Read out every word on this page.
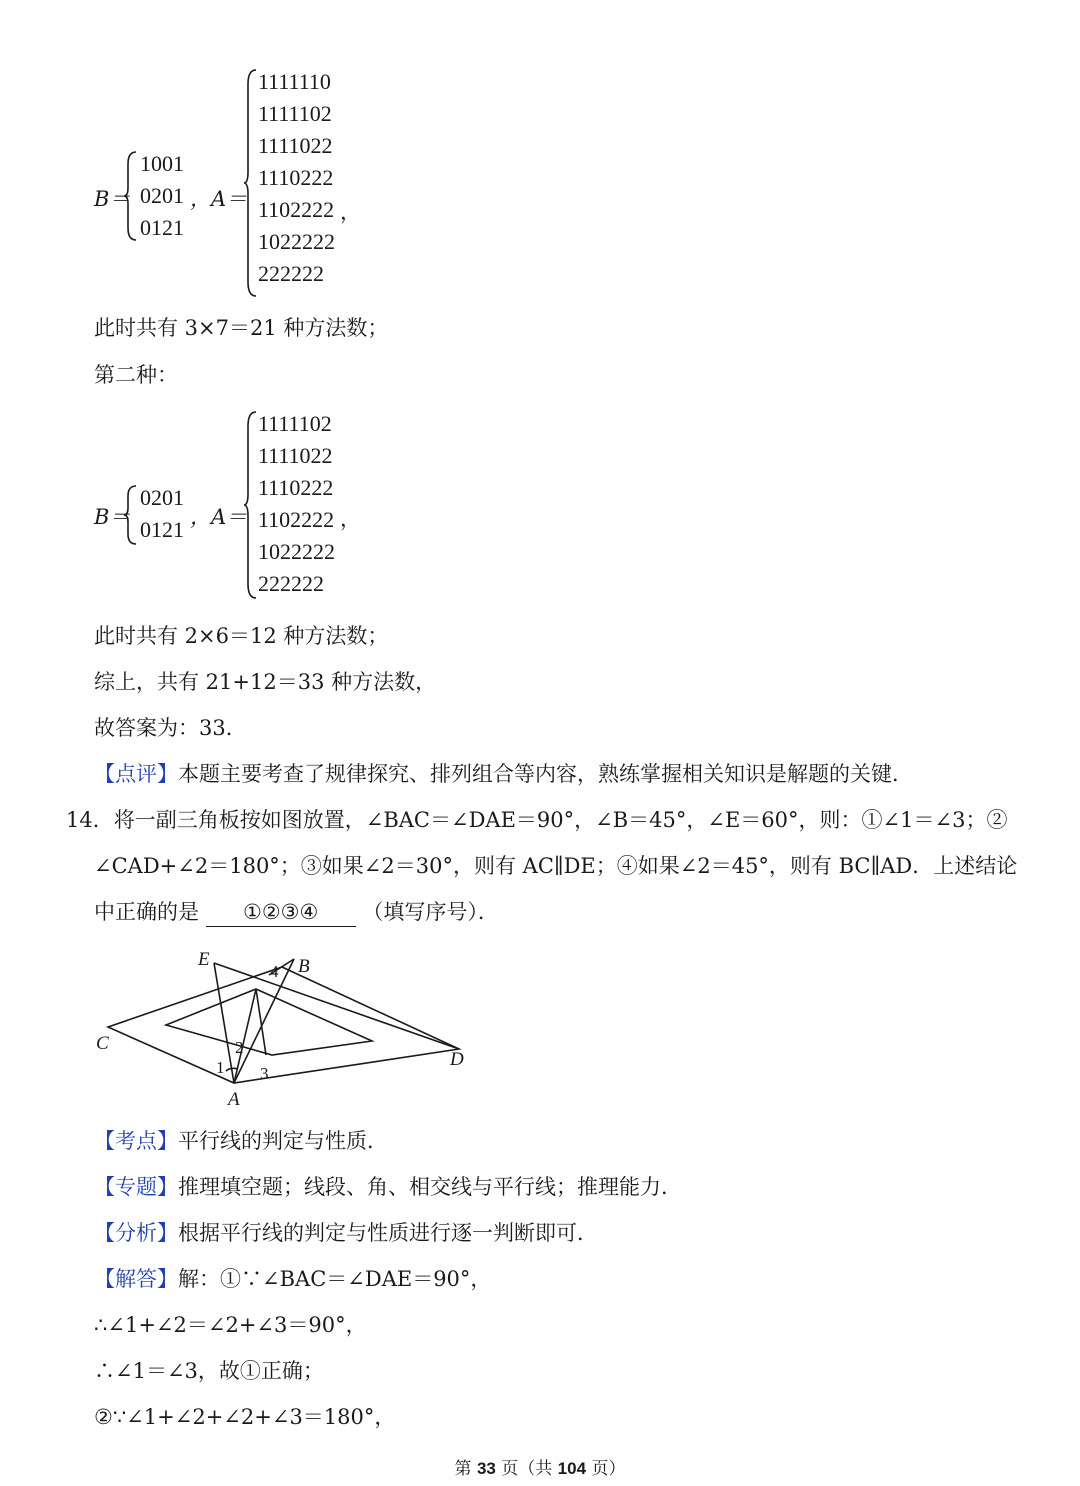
B＝
1001
0201
0121
，A＝
1111110
1111102
1111022
1110222
1102222
1022222
222222
，
此时共有 3×7＝21 种方法数；
第二种：
B＝
0201
0121 ，A＝
1111102
1111022
1110222
1102222
1022222
222222
，
此时共有 2×6＝12 种方法数；
综上，共有 21+12＝33 种方法数，
故答案为：33．
【点评】本题主要考查了规律探究、排列组合等内容，熟练掌握相关知识是解题的关键．
14．将一副三角板按如图放置，∠BAC＝∠DAE＝90°，∠B＝45°，∠E＝60°，则：①∠1＝∠3；②
∠CAD+∠2＝180°；③如果∠2＝30°，则有 AC∥DE；④如果∠2＝45°，则有 BC∥AD．上述结论
中正确的是 ①②③④ （填写序号）．
E	B
C
D
A
1
2
3
4
【考点】平行线的判定与性质．
【专题】推理填空题；线段、角、相交线与平行线；推理能力．
【分析】根据平行线的判定与性质进行逐一判断即可．
【解答】解：①∵∠BAC＝∠DAE＝90°，
∴∠1+∠2＝∠2+∠3＝90°，
∴∠1＝∠3，故①正确；
②∵∠1+∠2+∠2+∠3＝180°，
第 33 页（共 104 页）
